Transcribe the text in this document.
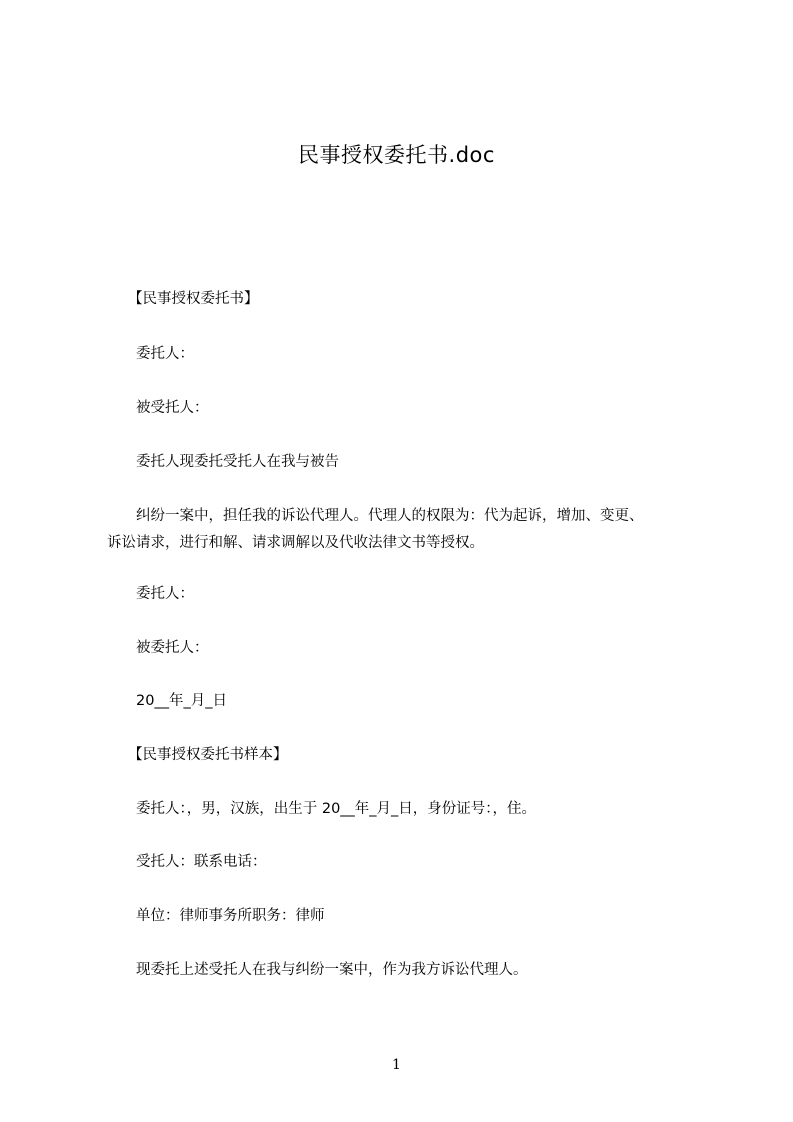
民事授权委托书.doc
【民事授权委托书】
委托人：
被受托人：
委托人现委托受托人在我与被告
纠纷一案中，担任我的诉讼代理人。代理人的权限为：代为起诉，增加、变更、
诉讼请求，进行和解、请求调解以及代收法律文书等授权。
委托人：
被委托人：
20__年_月_日
【民事授权委托书样本】
委托人：，男，汉族，出生于 20__年_月_日，身份证号：，住。
受托人：联系电话：
单位：律师事务所职务：律师
现委托上述受托人在我与纠纷一案中，作为我方诉讼代理人。
1
